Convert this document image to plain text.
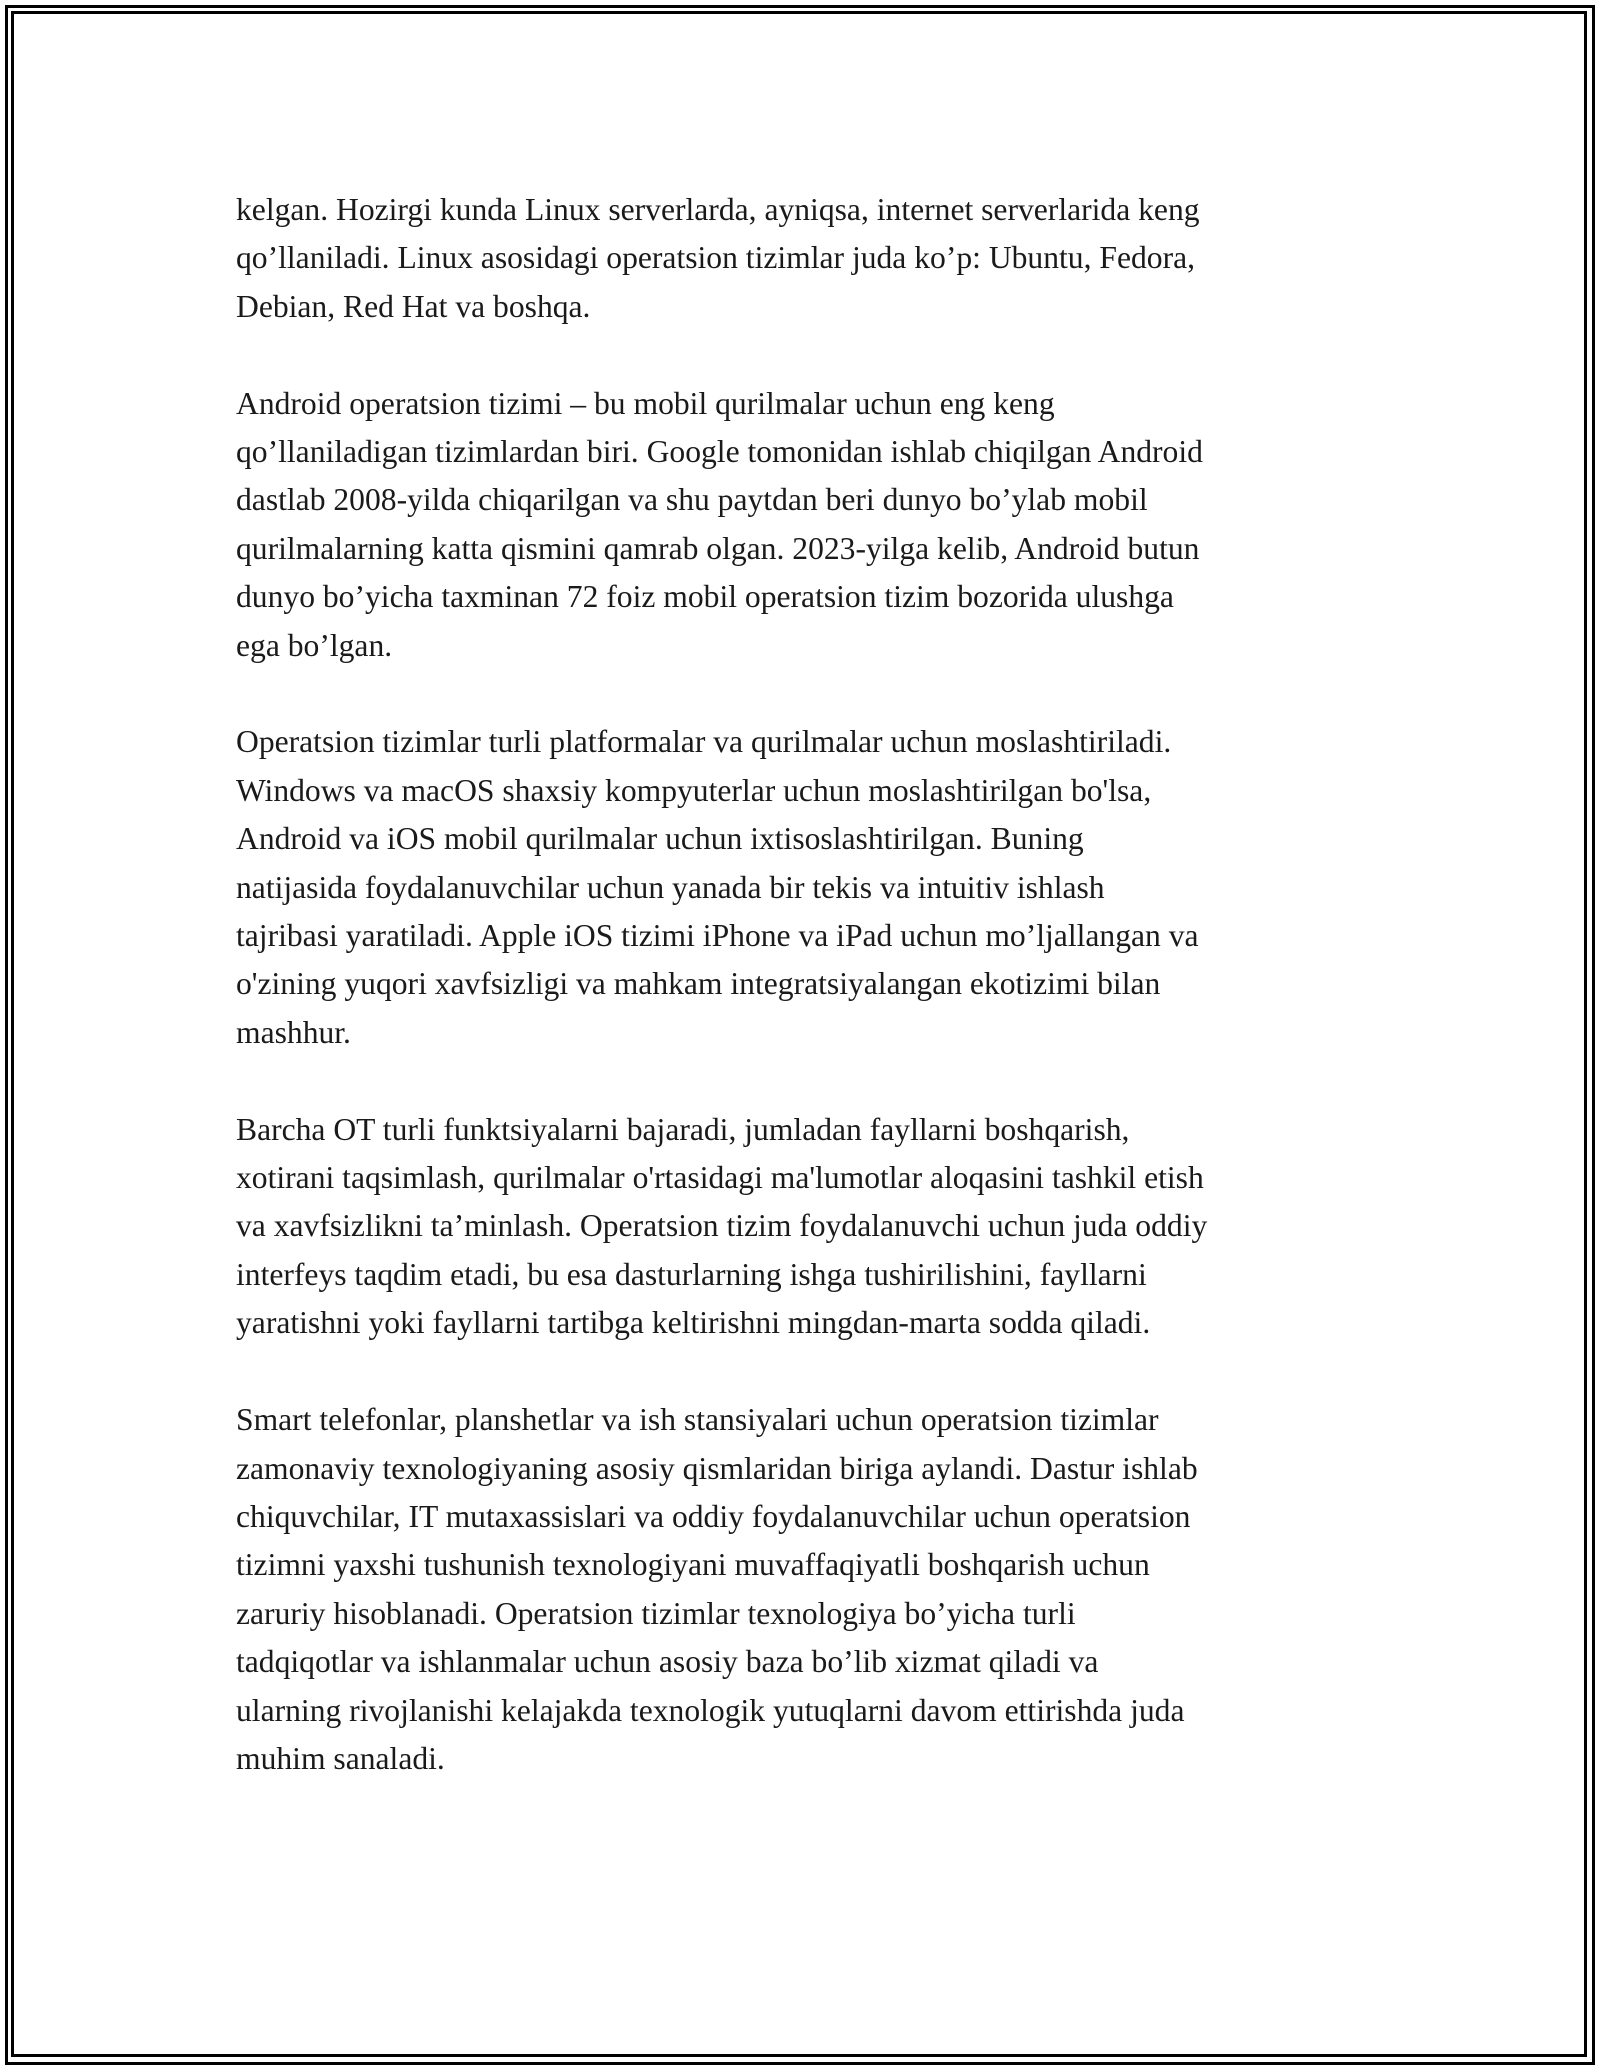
kelgan. Hozirgi kunda Linux serverlarda, ayniqsa, internet serverlarida keng
qo’llaniladi. Linux asosidagi operatsion tizimlar juda ko’p: Ubuntu, Fedora,
Debian, Red Hat va boshqa.

Android operatsion tizimi – bu mobil qurilmalar uchun eng keng
qo’llaniladigan tizimlardan biri. Google tomonidan ishlab chiqilgan Android
dastlab 2008-yilda chiqarilgan va shu paytdan beri dunyo bo’ylab mobil
qurilmalarning katta qismini qamrab olgan. 2023-yilga kelib, Android butun
dunyo bo’yicha taxminan 72 foiz mobil operatsion tizim bozorida ulushga
ega bo’lgan.

Operatsion tizimlar turli platformalar va qurilmalar uchun moslashtiriladi.
Windows va macOS shaxsiy kompyuterlar uchun moslashtirilgan bo'lsa,
Android va iOS mobil qurilmalar uchun ixtisoslashtirilgan. Buning
natijasida foydalanuvchilar uchun yanada bir tekis va intuitiv ishlash
tajribasi yaratiladi. Apple iOS tizimi iPhone va iPad uchun mo’ljallangan va
o'zining yuqori xavfsizligi va mahkam integratsiyalangan ekotizimi bilan
mashhur.

Barcha OT turli funktsiyalarni bajaradi, jumladan fayllarni boshqarish,
xotirani taqsimlash, qurilmalar o'rtasidagi ma'lumotlar aloqasini tashkil etish
va xavfsizlikni ta’minlash. Operatsion tizim foydalanuvchi uchun juda oddiy
interfeys taqdim etadi, bu esa dasturlarning ishga tushirilishini, fayllarni
yaratishni yoki fayllarni tartibga keltirishni mingdan-marta sodda qiladi.

Smart telefonlar, planshetlar va ish stansiyalari uchun operatsion tizimlar
zamonaviy texnologiyaning asosiy qismlaridan biriga aylandi. Dastur ishlab
chiquvchilar, IT mutaxassislari va oddiy foydalanuvchilar uchun operatsion
tizimni yaxshi tushunish texnologiyani muvaffaqiyatli boshqarish uchun
zaruriy hisoblanadi. Operatsion tizimlar texnologiya bo’yicha turli
tadqiqotlar va ishlanmalar uchun asosiy baza bo’lib xizmat qiladi va
ularning rivojlanishi kelajakda texnologik yutuqlarni davom ettirishda juda
muhim sanaladi.
